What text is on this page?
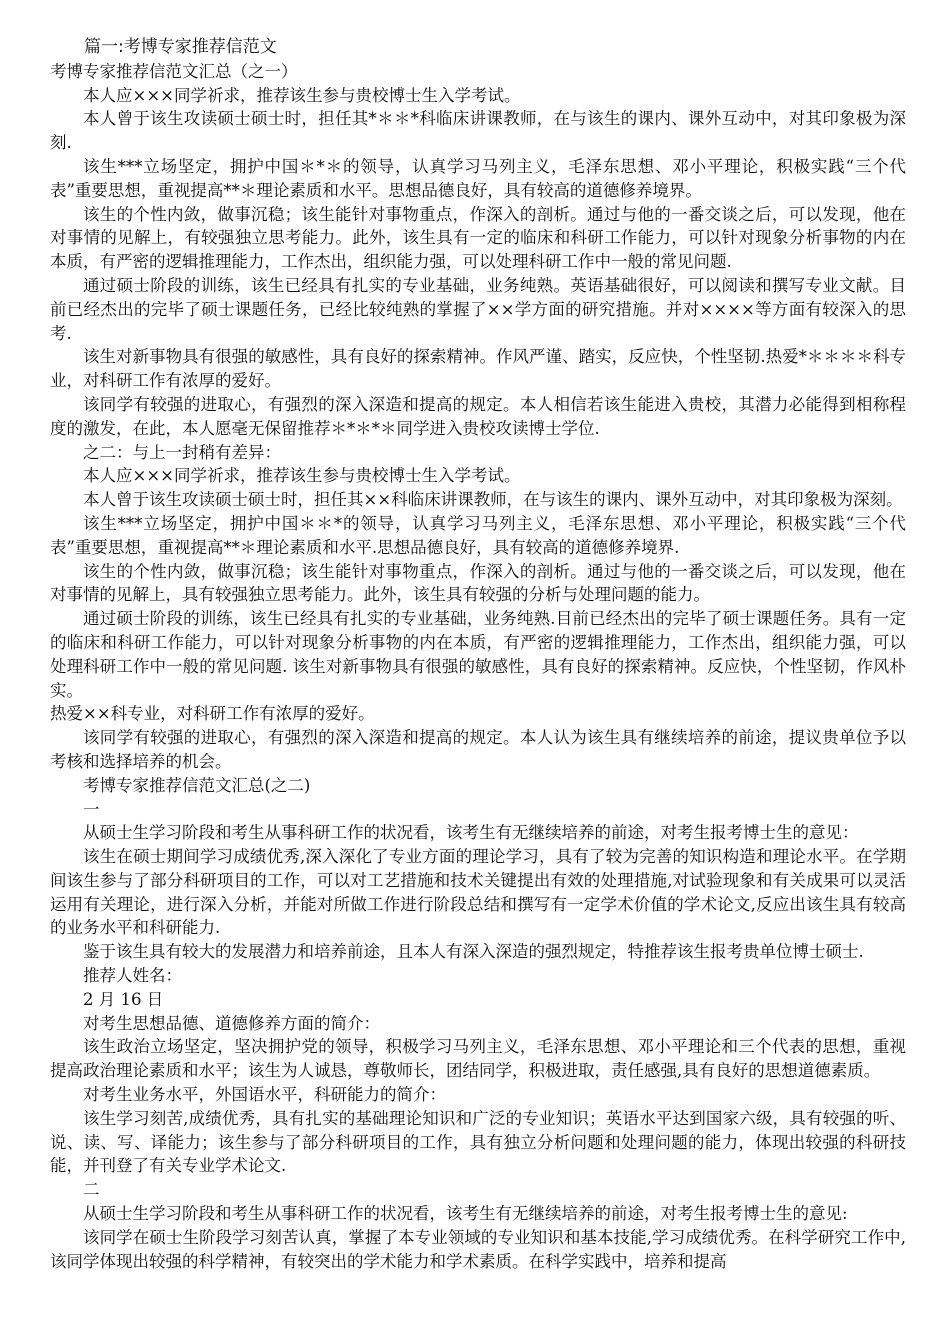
篇一:考博专家推荐信范文

考博专家推荐信范文汇总（之一）

本人应×××同学祈求，推荐该生参与贵校博士生入学考试。

本人曾于该生攻读硕士硕士时，担任其*＊＊*科临床讲课教师，在与该生的课内、课外互动中，对其印象极为深刻.

该生***立场坚定，拥护中国＊*＊的领导，认真学习马列主义，毛泽东思想、邓小平理论，积极实践“三个代表”重要思想，重视提高**＊理论素质和水平。思想品德良好，具有较高的道德修养境界。

该生的个性内敛，做事沉稳；该生能针对事物重点，作深入的剖析。通过与他的一番交谈之后，可以发现，他在对事情的见解上，有较强独立思考能力。此外，该生具有一定的临床和科研工作能力，可以针对现象分析事物的内在本质，有严密的逻辑推理能力，工作杰出，组织能力强，可以处理科研工作中一般的常见问题.

通过硕士阶段的训练，该生已经具有扎实的专业基础，业务纯熟。英语基础很好，可以阅读和撰写专业文献。目前已经杰出的完毕了硕士课题任务，已经比较纯熟的掌握了××学方面的研究措施。并对××××等方面有较深入的思考.

该生对新事物具有很强的敏感性，具有良好的探索精神。作风严谨、踏实，反应快，个性坚韧.热爱*＊＊＊＊科专业，对科研工作有浓厚的爱好。

该同学有较强的进取心，有强烈的深入深造和提高的规定。本人相信若该生能进入贵校，其潜力必能得到相称程度的激发，在此，本人愿毫无保留推荐＊*＊*＊同学进入贵校攻读博士学位.

之二：与上一封稍有差异：

本人应×××同学祈求，推荐该生参与贵校博士生入学考试。

本人曾于该生攻读硕士硕士时，担任其××科临床讲课教师，在与该生的课内、课外互动中，对其印象极为深刻。

该生***立场坚定，拥护中国＊＊*的领导，认真学习马列主义，毛泽东思想、邓小平理论，积极实践“三个代表”重要思想，重视提高**＊理论素质和水平.思想品德良好，具有较高的道德修养境界.

该生的个性内敛，做事沉稳；该生能针对事物重点，作深入的剖析。通过与他的一番交谈之后，可以发现，他在对事情的见解上，具有较强独立思考能力。此外，该生具有较强的分析与处理问题的能力。

通过硕士阶段的训练，该生已经具有扎实的专业基础，业务纯熟.目前已经杰出的完毕了硕士课题任务。具有一定的临床和科研工作能力，可以针对现象分析事物的内在本质，有严密的逻辑推理能力，工作杰出，组织能力强，可以处理科研工作中一般的常见问题. 该生对新事物具有很强的敏感性，具有良好的探索精神。反应快，个性坚韧，作风朴实。

热爱××科专业，对科研工作有浓厚的爱好。

该同学有较强的进取心，有强烈的深入深造和提高的规定。本人认为该生具有继续培养的前途，提议贵单位予以考核和选择培养的机会。

考博专家推荐信范文汇总(之二)

一

从硕士生学习阶段和考生从事科研工作的状况看，该考生有无继续培养的前途，对考生报考博士生的意见：

该生在硕士期间学习成绩优秀,深入深化了专业方面的理论学习，具有了较为完善的知识构造和理论水平。在学期间该生参与了部分科研项目的工作，可以对工艺措施和技术关键提出有效的处理措施,对试验现象和有关成果可以灵活运用有关理论，进行深入分析，并能对所做工作进行阶段总结和撰写有一定学术价值的学术论文,反应出该生具有较高的业务水平和科研能力.

鉴于该生具有较大的发展潜力和培养前途，且本人有深入深造的强烈规定，特推荐该生报考贵单位博士硕士.

推荐人姓名：

2 月 16 日

对考生思想品德、道德修养方面的简介：

该生政治立场坚定，坚决拥护党的领导，积极学习马列主义，毛泽东思想、邓小平理论和三个代表的思想，重视提高政治理论素质和水平；该生为人诚恳，尊敬师长，团结同学，积极进取，责任感强,具有良好的思想道德素质。

对考生业务水平，外国语水平，科研能力的简介：

该生学习刻苦,成绩优秀，具有扎实的基础理论知识和广泛的专业知识；英语水平达到国家六级，具有较强的听、说、读、写、译能力；该生参与了部分科研项目的工作，具有独立分析问题和处理问题的能力，体现出较强的科研技能，并刊登了有关专业学术论文.

二

从硕士生学习阶段和考生从事科研工作的状况看，该考生有无继续培养的前途，对考生报考博士生的意见:

该同学在硕士生阶段学习刻苦认真，掌握了本专业领域的专业知识和基本技能,学习成绩优秀。在科学研究工作中,该同学体现出较强的科学精神，有较突出的学术能力和学术素质。在科学实践中，培养和提高
